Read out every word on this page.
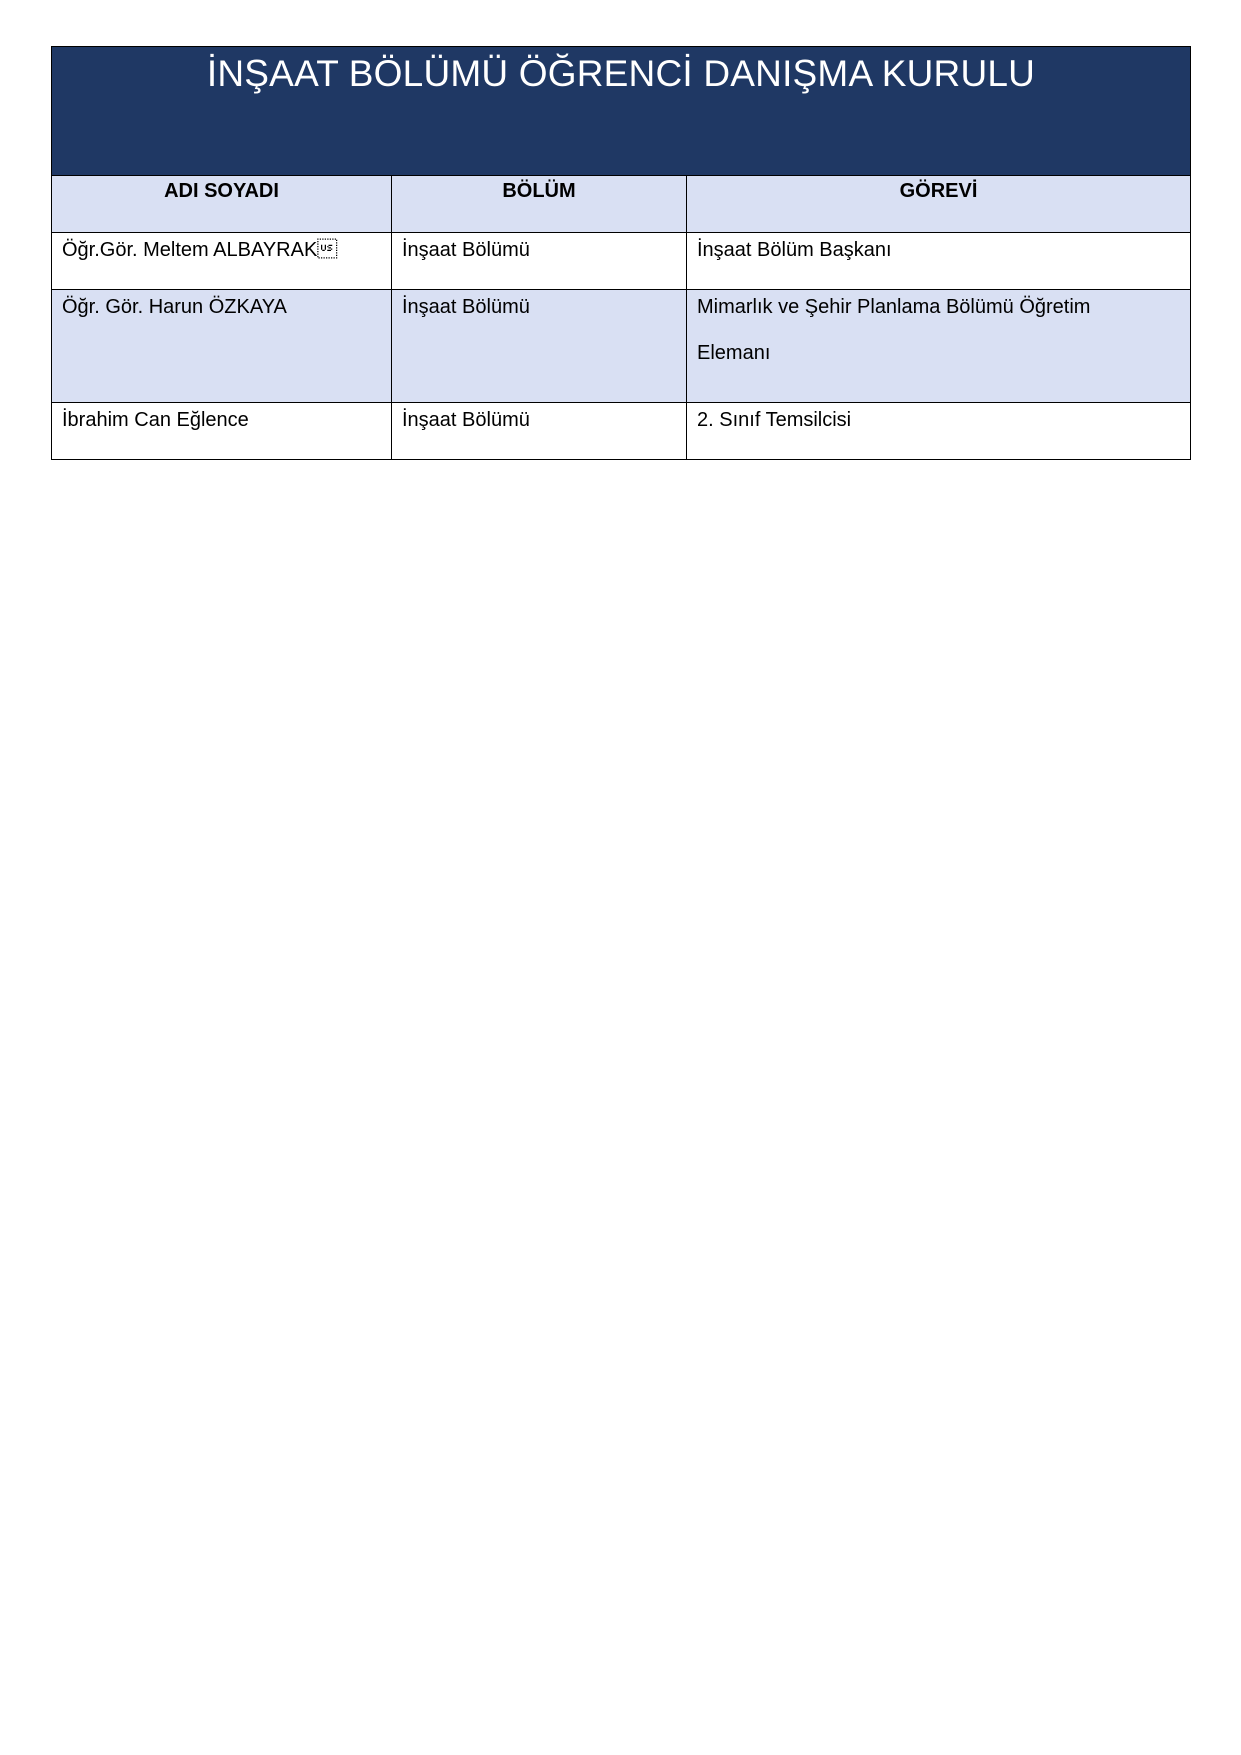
İNŞAAT BÖLÜMÜ ÖĞRENCİ DANIŞMA KURULU		

ADI SOYADI	BÖLÜM	GÖREVİ

Öğr.Gör. Meltem ALBAYRAK	İnşaat Bölümü	İnşaat Bölüm Başkanı

Öğr. Gör. Harun ÖZKAYA	İnşaat Bölümü	Mimarlık ve Şehir Planlama Bölümü Öğretim
Elemanı

İbrahim Can Eğlence	İnşaat Bölümü	2. Sınıf Temsilcisi
